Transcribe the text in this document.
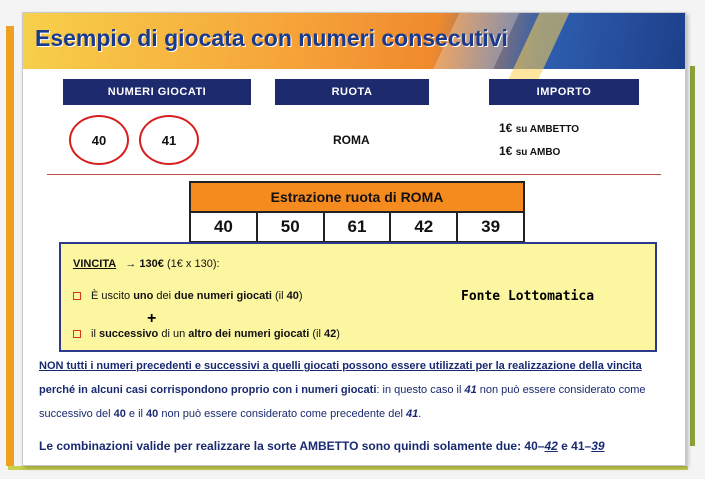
Esempio di giocata con numeri consecutivi
NUMERI GIOCATI	RUOTA	IMPORTO
40	41	ROMA
1€ su AMBETTO
1€ su AMBO
Estrazione ruota di ROMA
40	50	61	42	39
VINCITA → 130€ (1€ x 130):
È uscito uno dei due numeri giocati (il 40)
+
il successivo di un altro dei numeri giocati (il 42)
Fonte Lottomatica
NON tutti i numeri precedenti e successivi a quelli giocati possono essere utilizzati per la realizzazione della vincita
perché in alcuni casi corrispondono proprio con i numeri giocati: in questo caso il 41 non può essere considerato come
successivo del 40 e il 40 non può essere considerato come precedente del 41.
Le combinazioni valide per realizzare la sorte AMBETTO sono quindi solamente due: 40–42 e 41–39
